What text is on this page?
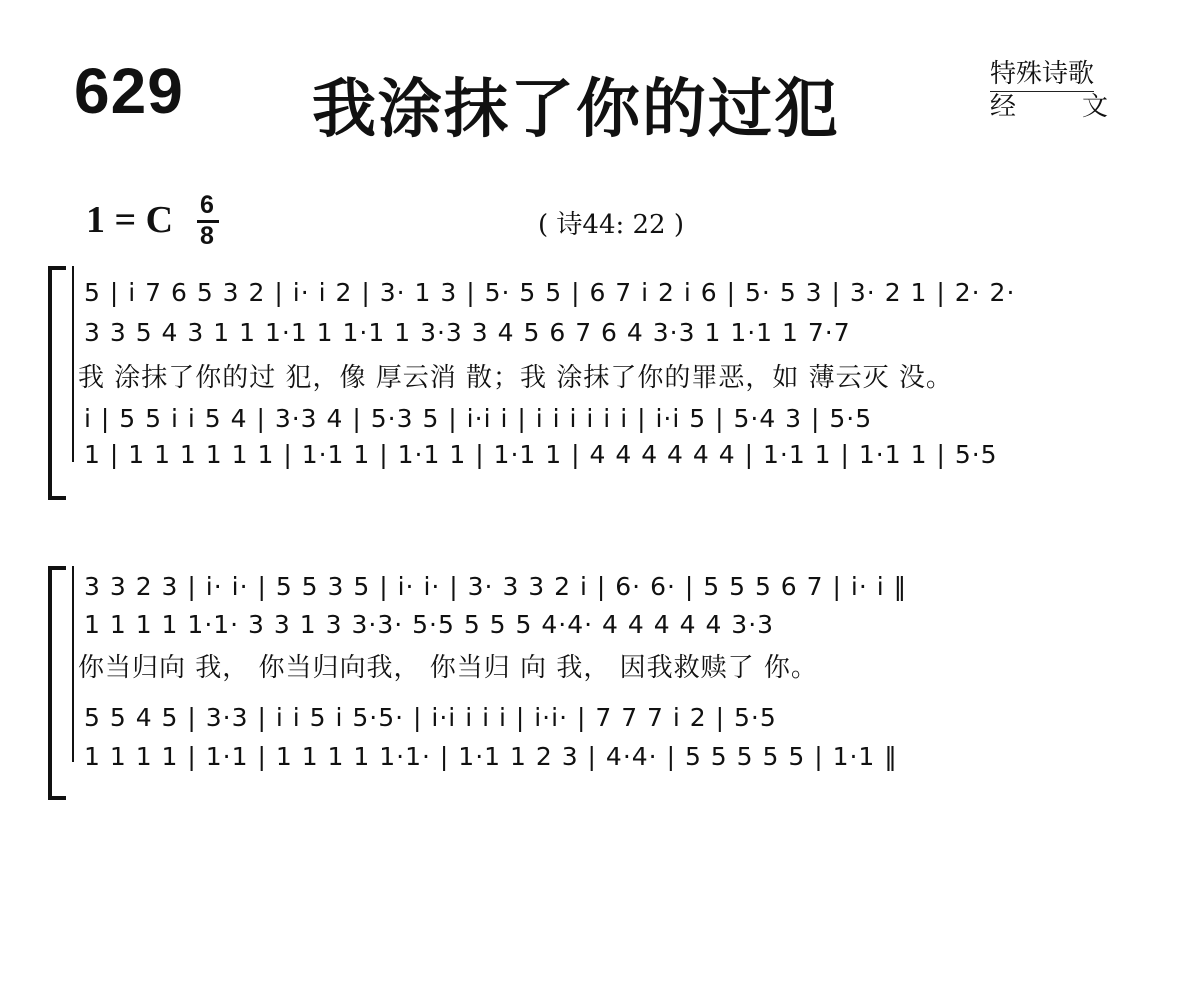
629 我涂抹了你的过犯	特殊诗歌
经	文
1 = C 6
8	( 诗44: 22 )
5 | i 7 6 5 3 2 | i· i 2 | 3· 1 3 | 5· 5 5 | 6 7 i 2 i 6 | 5· 5 3 | 3· 2 1 | 2· 2·
3 3 5 4 3 1 1 1·1 1 1·1 1 3·3 3 4 5 6 7 6 4 3·3 1 1·1 1 7·7
我 涂抹了你的过 犯，像 厚云消 散；我 涂抹了你的罪恶，如 薄云灭 没。
i | 5 5 i i 5 4 | 3·3 4 | 5·3 5 | i·i i | i i i i i i | i·i 5 | 5·4 3 | 5·5
1 | 1 1 1 1 1 1 | 1·1 1 | 1·1 1 | 1·1 1 | 4 4 4 4 4 4 | 1·1 1 | 1·1 1 | 5·5
3 3 2 3 | i· i· | 5 5 3 5 | i· i· | 3· 3 3 2 i | 6· 6· | 5 5 5 6 7 | i· i ‖
1 1 1 1 1·1· 3 3 1 3 3·3· 5·5 5 5 5 4·4· 4 4 4 4 4 3·3
你当归向 我， 你当归向我， 你当归 向 我， 因我救赎了 你。
5 5 4 5 | 3·3 | i i 5 i 5·5· | i·i i i i | i·i· | 7 7 7 i 2 | 5·5
1 1 1 1 | 1·1 | 1 1 1 1 1·1· | 1·1 1 2 3 | 4·4· | 5 5 5 5 5 | 1·1 ‖
